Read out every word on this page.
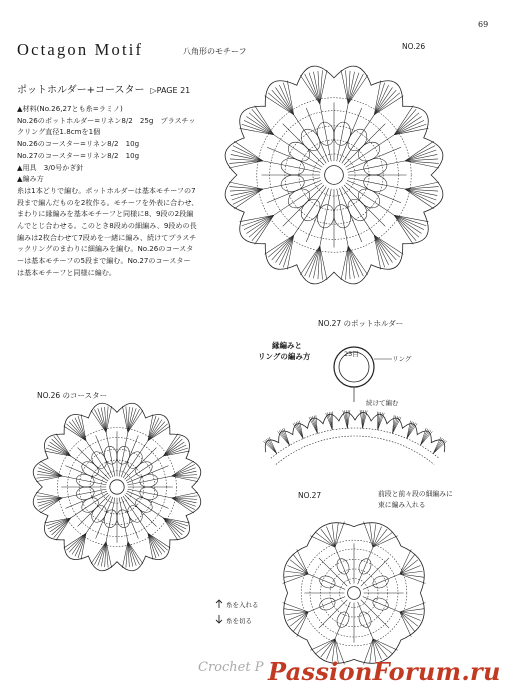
69
Octagon Motif	八角形のモチーフ
ポットホルダー+コースター ▷PAGE 21
▲材料(No.26,27とも糸=ラミノ)
No.26のポットホルダー=リネン8/2　25g　プラスチッ
クリング直径1.8cmを1個
No.26のコースター=リネン8/2　10g
No.27のコースター=リネン8/2　10g
▲用具　3/0号かぎ針
▲編み方
糸は1本どりで編む。ポットホルダーは基本モチーフの7
段まで編んだものを2枚作る。モチーフを外表に合わせ、
まわりに縁編みを基本モチーフと同様に8、9段の2段編
んでとじ合わせる。このとき8段めの細編み、9段めの長
編みは2枚合わせて7段めを一緒に編み、続けてプラスチ
ックリングのまわりに細編みを編む。No.26のコースタ
ーは基本モチーフの5段まで編む。No.27のコースター
は基本モチーフと同様に編む。
NO.26
NO.27 のポットホルダー
縁編みと
リングの編み方	23目
リング
続けて編む
NO.26 のコースター
NO.27	前段と前々段の細編みに
束に編み入れる
糸を入れる
糸を切る
Crochet P PassionForum.ru
